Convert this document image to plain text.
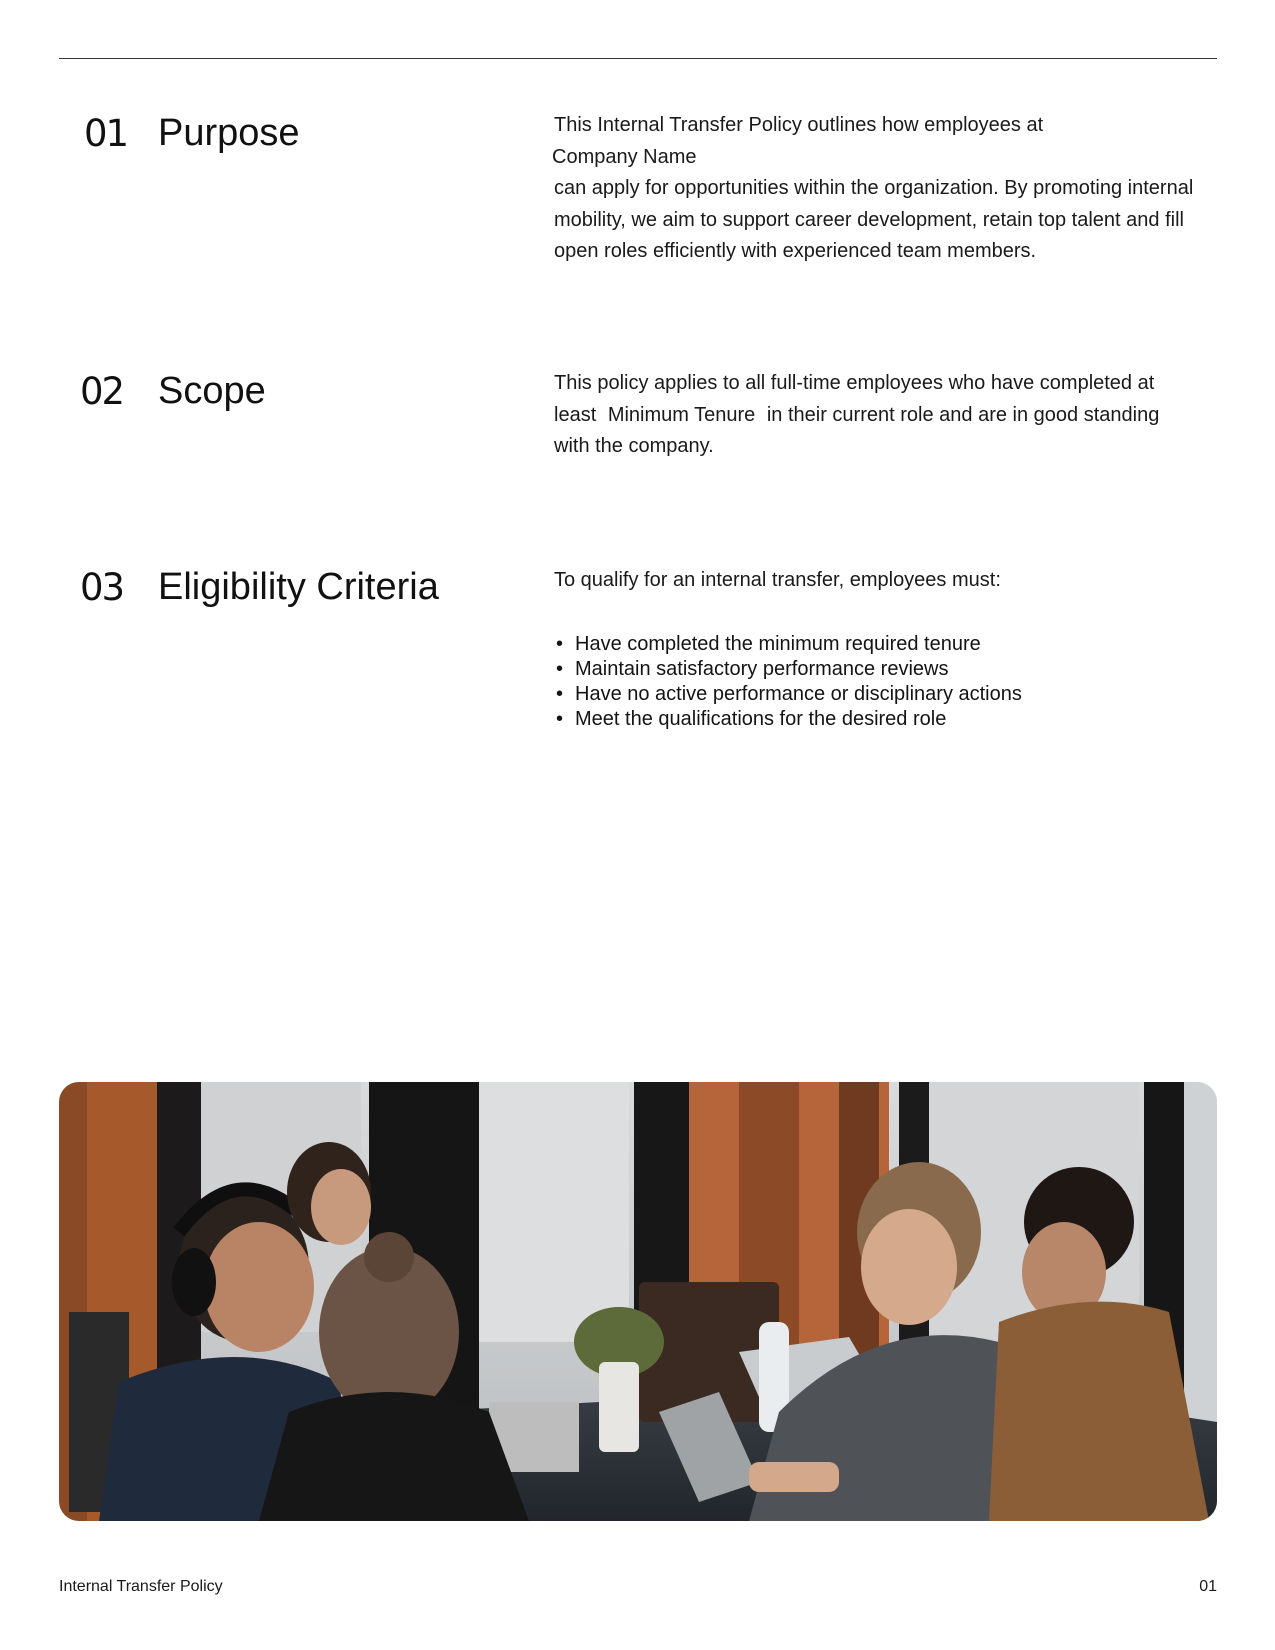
01 Purpose	This Internal Transfer Policy outlines how employees at

Company Name

can apply for opportunities within the organization. By promoting internal mobility, we aim to support career development, retain top talent and fill open roles efficiently with experienced team members.

02 Scope	This policy applies to all full-time employees who have completed at least Minimum Tenure in their current role and are in good standing with the company.

03 Eligibility Criteria	To qualify for an internal transfer, employees must:
• Have completed the minimum required tenure
• Maintain satisfactory performance reviews
• Have no active performance or disciplinary actions
• Meet the qualifications for the desired role
Internal Transfer Policy	01
